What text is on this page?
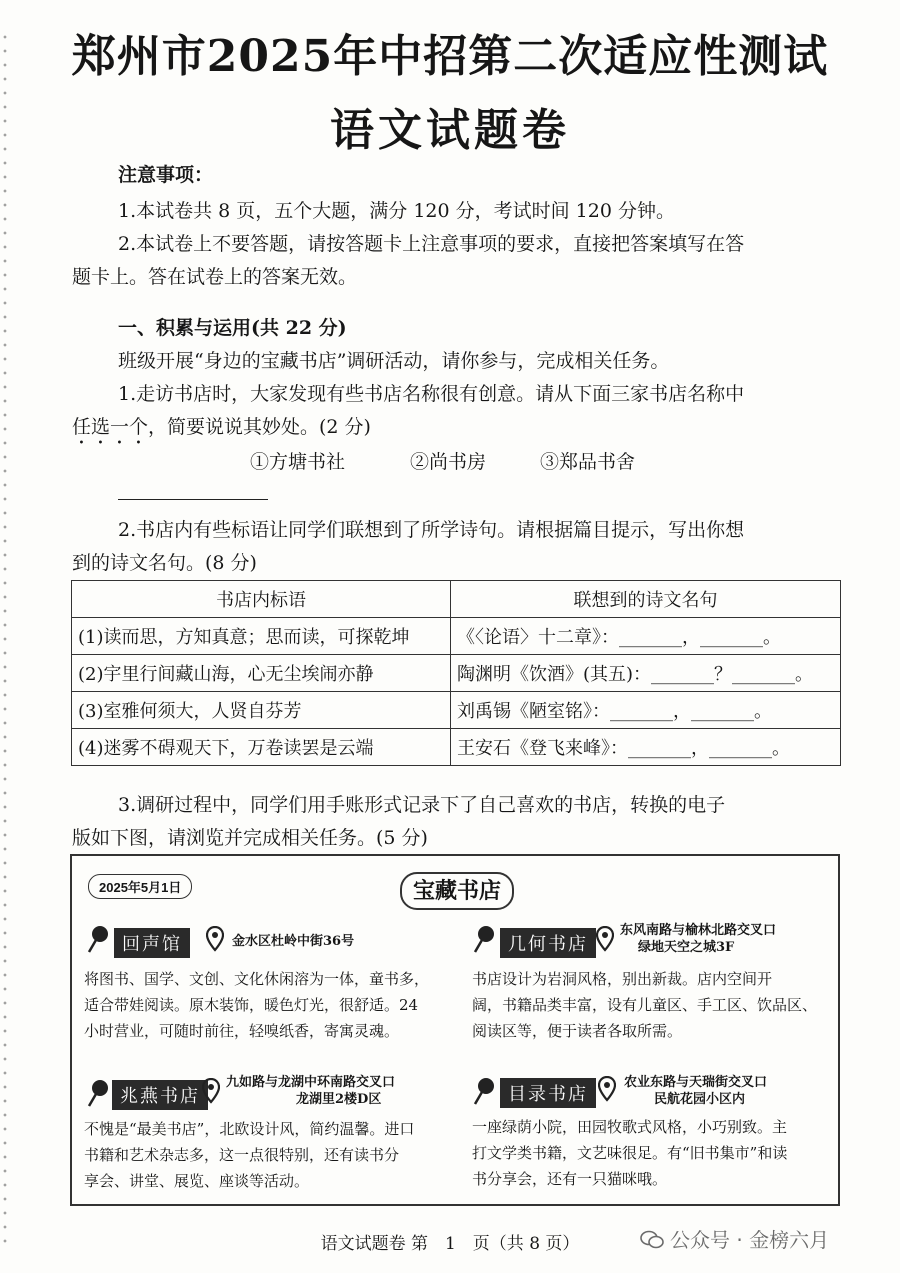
郑州市2025年中招第二次适应性测试
语文试题卷
注意事项：
1.本试卷共 8 页，五个大题，满分 120 分，考试时间 120 分钟。
2.本试卷上不要答题，请按答题卡上注意事项的要求，直接把答案填写在答
题卡上。答在试卷上的答案无效。
一、积累与运用(共 22 分)
班级开展“身边的宝藏书店”调研活动，请你参与，完成相关任务。
1.走访书店时，大家发现有些书店名称很有创意。请从下面三家书店名称中
任选一个，简要说说其妙处。(2 分)
①方塘书社	②尚书房	③郑品书舍
2.书店内有些标语让同学们联想到了所学诗句。请根据篇目提示，写出你想
到的诗文名句。(8 分)
书店内标语	联想到的诗文名句
(1)读而思，方知真意；思而读，可探乾坤	《〈论语〉十二章》：_______，_______。
(2)宇里行间藏山海，心无尘埃闹亦静	陶渊明《饮酒》(其五)：_______？_______。
(3)室雅何须大，人贤自芬芳	刘禹锡《陋室铭》：_______，_______。
(4)迷雾不碍观天下，万卷读罢是云端	王安石《登飞来峰》：_______，_______。
3.调研过程中，同学们用手账形式记录下了自己喜欢的书店，转换的电子
版如下图，请浏览并完成相关任务。(5 分)
2025年5月1日	宝藏书店
回声馆	金水区杜岭中街36号
将图书、国学、文创、文化休闲溶为一体，童书多，
适合带娃阅读。原木装饰，暖色灯光，很舒适。24
小时营业，可随时前往，轻嗅纸香，寄寓灵魂。
几何书店
东风南路与榆林北路交叉口
绿地天空之城3F
书店设计为岩洞风格，别出新裁。店内空间开
阔，书籍品类丰富，设有儿童区、手工区、饮品区、
阅读区等，便于读者各取所需。
兆燕书店
九如路与龙湖中环南路交叉口
龙湖里2楼D区
不愧是“最美书店”，北欧设计风，简约温馨。进口
书籍和艺术杂志多，这一点很特别，还有读书分
享会、讲堂、展览、座谈等活动。
目录书店
农业东路与天瑞街交叉口
民航花园小区内
一座绿荫小院，田园牧歌式风格，小巧别致。主
打文学类书籍，文艺味很足。有“旧书集市”和读
书分享会，还有一只猫咪哦。
语文试题卷 第　1　页（共 8 页）	公众号 · 金榜六月
